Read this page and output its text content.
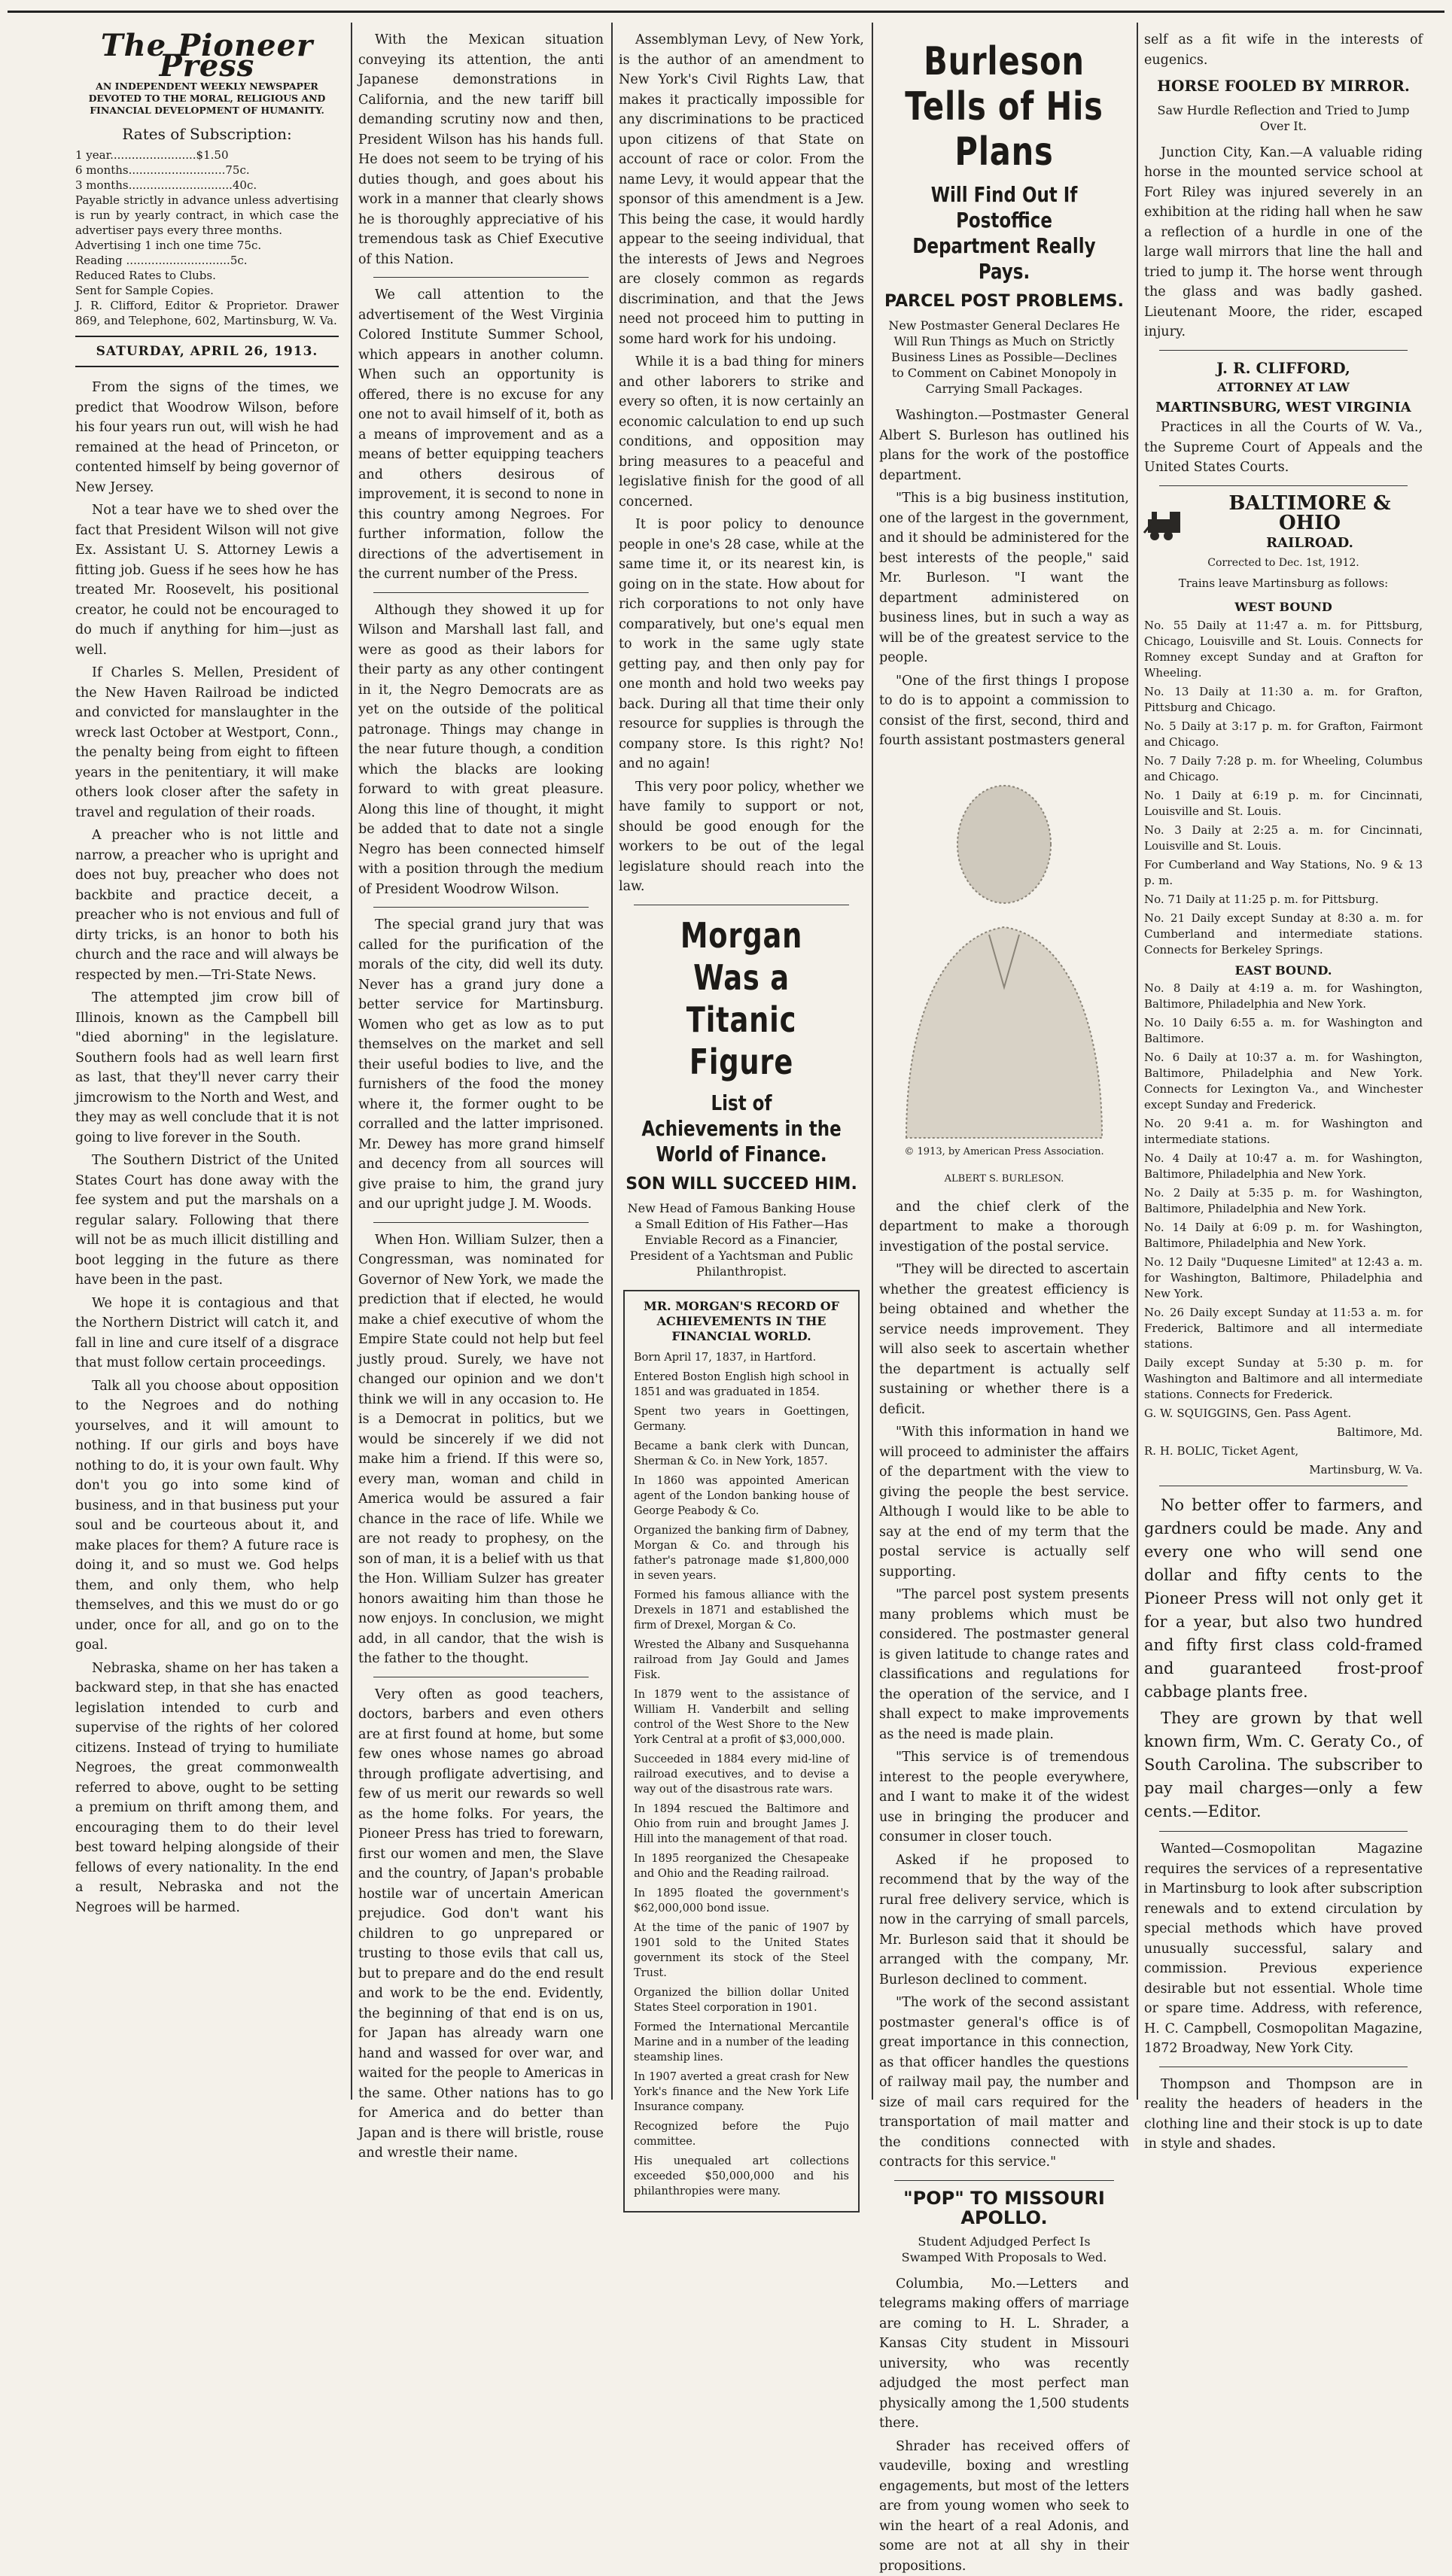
The Pioneer Press
AN INDEPENDENT WEEKLY NEWSPAPER DEVOTED TO THE MORAL, RELIGIOUS AND FINANCIAL DEVELOPMENT OF HUMANITY.
Rates of Subscription:
1 year........................$1.50
6 months...........................75c.
3 months.............................40c.
Payable strictly in advance unless advertising is run by yearly contract, in which case the advertiser pays every three months.
Advertising 1 inch one time 75c.
Reading .............................5c.
Reduced Rates to Clubs.
Sent for Sample Copies.
J. R. Clifford, Editor & Proprietor. Drawer 869, and Telephone, 602, Martinsburg, W. Va.
SATURDAY, APRIL 26, 1913.

From the signs of the times, we predict that Woodrow Wilson, before his four years run out, will wish he had remained at the head of Princeton, or contented himself by being governor of New Jersey.

Not a tear have we to shed over the fact that President Wilson will not give Ex. Assistant U. S. Attorney Lewis a fitting job. Guess if he sees how he has treated Mr. Roosevelt, his positional creator, he could not be encouraged to do much if anything for him—just as well.

If Charles S. Mellen, President of the New Haven Railroad be indicted and convicted for manslaughter in the wreck last October at Westport, Conn., the penalty being from eight to fifteen years in the penitentiary, it will make others look closer after the safety in travel and regulation of their roads.

A preacher who is not little and narrow, a preacher who is upright and does not buy, preacher who does not backbite and practice deceit, a preacher who is not envious and full of dirty tricks, is an honor to both his church and the race and will always be respected by men.—Tri-State News.

The attempted jim crow bill of Illinois, known as the Campbell bill "died aborning" in the legislature. Southern fools had as well learn first as last, that they'll never carry their jimcrowism to the North and West, and they may as well conclude that it is not going to live forever in the South.

The Southern District of the United States Court has done away with the fee system and put the marshals on a regular salary. Following that there will not be as much illicit distilling and boot legging in the future as there have been in the past.

We hope it is contagious and that the Northern District will catch it, and fall in line and cure itself of a disgrace that must follow certain proceedings.

Talk all you choose about opposition to the Negroes and do nothing yourselves, and it will amount to nothing. If our girls and boys have nothing to do, it is your own fault. Why don't you go into some kind of business, and in that business put your soul and be courteous about it, and make places for them? A future race is doing it, and so must we. God helps them, and only them, who help themselves, and this we must do or go under, once for all, and go on to the goal.

Nebraska, shame on her has taken a backward step, in that she has enacted legislation intended to curb and supervise of the rights of her colored citizens. Instead of trying to humiliate Negroes, the great commonwealth referred to above, ought to be setting a premium on thrift among them, and encouraging them to do their level best toward helping alongside of their fellows of every nationality. In the end a result, Nebraska and not the Negroes will be harmed.

With the Mexican situation conveying its attention, the anti Japanese demonstrations in California, and the new tariff bill demanding scrutiny now and then, President Wilson has his hands full. He does not seem to be trying of his duties though, and goes about his work in a manner that clearly shows he is thoroughly appreciative of his tremendous task as Chief Executive of this Nation.

We call attention to the advertisement of the West Virginia Colored Institute Summer School, which appears in another column. When such an opportunity is offered, there is no excuse for any one not to avail himself of it, both as a means of improvement and as a means of better equipping teachers and others desirous of improvement, it is second to none in this country among Negroes. For further information, follow the directions of the advertisement in the current number of the Press.

Although they showed it up for Wilson and Marshall last fall, and were as good as their labors for their party as any other contingent in it, the Negro Democrats are as yet on the outside of the political patronage. Things may change in the near future though, a condition which the blacks are looking forward to with great pleasure. Along this line of thought, it might be added that to date not a single Negro has been connected himself with a position through the medium of President Woodrow Wilson.

The special grand jury that was called for the purification of the morals of the city, did well its duty. Never has a grand jury done a better service for Martinsburg. Women who get as low as to put themselves on the market and sell their useful bodies to live, and the furnishers of the food the money where it, the former ought to be corralled and the latter imprisoned. Mr. Dewey has more grand himself and decency from all sources will give praise to him, the grand jury and our upright judge J. M. Woods.

When Hon. William Sulzer, then a Congressman, was nominated for Governor of New York, we made the prediction that if elected, he would make a chief executive of whom the Empire State could not help but feel justly proud. Surely, we have not changed our opinion and we don't think we will in any occasion to. He is a Democrat in politics, but we would be sincerely if we did not make him a friend. If this were so, every man, woman and child in America would be assured a fair chance in the race of life. While we are not ready to prophesy, on the son of man, it is a belief with us that the Hon. William Sulzer has greater honors awaiting him than those he now enjoys. In conclusion, we might add, in all candor, that the wish is the father to the thought.

Very often as good teachers, doctors, barbers and even others are at first found at home, but some few ones whose names go abroad through profligate advertising, and few of us merit our rewards so well as the home folks. For years, the Pioneer Press has tried to forewarn, first our women and men, the Slave and the country, of Japan's probable hostile war of uncertain American prejudice. God don't want his children to go unprepared or trusting to those evils that call us, but to prepare and do the end result and work to be the end. Evidently, the beginning of that end is on us, for Japan has already warn one hand and wassed for over war, and waited for the people to Americas in the same. Other nations has to go for America and do better than Japan and is there will bristle, rouse and wrestle their name.

Assemblyman Levy, of New York, is the author of an amendment to New York's Civil Rights Law, that makes it practically impossible for any discriminations to be practiced upon citizens of that State on account of race or color. From the name Levy, it would appear that the sponsor of this amendment is a Jew. This being the case, it would hardly appear to the seeing individual, that the interests of Jews and Negroes are closely common as regards discrimination, and that the Jews need not proceed him to putting in some hard work for his undoing.

While it is a bad thing for miners and other laborers to strike and every so often, it is now certainly an economic calculation to end up such conditions, and opposition may bring measures to a peaceful and legislative finish for the good of all concerned.

It is poor policy to denounce people in one's 28 case, while at the same time it, or its nearest kin, is going on in the state. How about for rich corporations to not only have comparatively, but one's equal men to work in the same ugly state getting pay, and then only pay for one month and hold two weeks pay back. During all that time their only resource for supplies is through the company store. Is this right? No! and no again!

This very poor policy, whether we have family to support or not, should be good enough for the workers to be out of the legal legislature should reach into the law.

Morgan Was a Titanic Figure
List of Achievements in the World of Finance.
SON WILL SUCCEED HIM.
New Head of Famous Banking House a Small Edition of His Father—Has Enviable Record as a Financier, President of a Yachtsman and Public Philanthropist.
MR. MORGAN'S RECORD OF ACHIEVEMENTS IN THE FINANCIAL WORLD.
Born April 17, 1837, in Hartford.
Entered Boston English high school in 1851 and was graduated in 1854.
Spent two years in Goettingen, Germany.
Became a bank clerk with Duncan, Sherman & Co. in New York, 1857.
In 1860 was appointed American agent of the London banking house of George Peabody & Co.
Organized the banking firm of Dabney, Morgan & Co. and through his father's patronage made $1,800,000 in seven years.
Formed his famous alliance with the Drexels in 1871 and established the firm of Drexel, Morgan & Co.
Wrested the Albany and Susquehanna railroad from Jay Gould and James Fisk.
In 1879 went to the assistance of William H. Vanderbilt and selling control of the West Shore to the New York Central at a profit of $3,000,000.
Succeeded in 1884 every mid-line of railroad executives, and to devise a way out of the disastrous rate wars.
In 1894 rescued the Baltimore and Ohio from ruin and brought James J. Hill into the management of that road.
In 1895 reorganized the Chesapeake and Ohio and the Reading railroad.
In 1895 floated the government's $62,000,000 bond issue.
At the time of the panic of 1907 by 1901 sold to the United States government its stock of the Steel Trust.
Organized the billion dollar United States Steel corporation in 1901.
Formed the International Mercantile Marine and in a number of the leading steamship lines.
In 1907 averted a great crash for New York's finance and the New York Life Insurance company.
Recognized before the Pujo committee.
His unequaled art collections exceeded $50,000,000 and his philanthropies were many.
Burleson Tells of His Plans
Will Find Out If Postoffice Department Really Pays.
PARCEL POST PROBLEMS.
New Postmaster General Declares He Will Run Things as Much on Strictly Business Lines as Possible—Declines to Comment on Cabinet Monopoly in Carrying Small Packages.

Washington.—Postmaster General Albert S. Burleson has outlined his plans for the work of the postoffice department.

"This is a big business institution, one of the largest in the government, and it should be administered for the best interests of the people," said Mr. Burleson. "I want the department administered on business lines, but in such a way as will be of the greatest service to the people.

"One of the first things I propose to do is to appoint a commission to consist of the first, second, third and fourth assistant postmasters general

© 1913, by American Press Association.
ALBERT S. BURLESON.

and the chief clerk of the department to make a thorough investigation of the postal service.

"They will be directed to ascertain whether the greatest efficiency is being obtained and whether the service needs improvement. They will also seek to ascertain whether the department is actually self sustaining or whether there is a deficit.

"With this information in hand we will proceed to administer the affairs of the department with the view to giving the people the best service. Although I would like to be able to say at the end of my term that the postal service is actually self supporting.

"The parcel post system presents many problems which must be considered. The postmaster general is given latitude to change rates and classifications and regulations for the operation of the service, and I shall expect to make improvements as the need is made plain.

"This service is of tremendous interest to the people everywhere, and I want to make it of the widest use in bringing the producer and consumer in closer touch.

Asked if he proposed to recommend that by the way of the rural free delivery service, which is now in the carrying of small parcels, Mr. Burleson said that it should be arranged with the company, Mr. Burleson declined to comment.

"The work of the second assistant postmaster general's office is of great importance in this connection, as that officer handles the questions of railway mail pay, the number and size of mail cars required for the transportation of mail matter and the conditions connected with contracts for this service."

"POP" TO MISSOURI APOLLO.
Student Adjudged Perfect Is Swamped With Proposals to Wed.

Columbia, Mo.—Letters and telegrams making offers of marriage are coming to H. L. Shrader, a Kansas City student in Missouri university, who was recently adjudged the most perfect man physically among the 1,500 students there.

Shrader has received offers of vaudeville, boxing and wrestling engagements, but most of the letters are from young women who seek to win the heart of a real Adonis, and some are not at all shy in their propositions.

self as a fit wife in the interests of eugenics.

HORSE FOOLED BY MIRROR.
Saw Hurdle Reflection and Tried to Jump Over It.

Junction City, Kan.—A valuable riding horse in the mounted service school at Fort Riley was injured severely in an exhibition at the riding hall when he saw a reflection of a hurdle in one of the large wall mirrors that line the hall and tried to jump it. The horse went through the glass and was badly gashed. Lieutenant Moore, the rider, escaped injury.

J. R. CLIFFORD,
ATTORNEY AT LAW
MARTINSBURG, WEST VIRGINIA

Practices in all the Courts of W. Va., the Supreme Court of Appeals and the United States Courts.

BALTIMORE & OHIO
RAILROAD.
Corrected to Dec. 1st, 1912.
Trains leave Martinsburg as follows:
WEST BOUND
No. 55 Daily at 11:47 a. m. for Pittsburg, Chicago, Louisville and St. Louis. Connects for Romney except Sunday and at Grafton for Wheeling.
No. 13 Daily at 11:30 a. m. for Grafton, Pittsburg and Chicago.
No. 5 Daily at 3:17 p. m. for Grafton, Fairmont and Chicago.
No. 7 Daily 7:28 p. m. for Wheeling, Columbus and Chicago.
No. 1 Daily at 6:19 p. m. for Cincinnati, Louisville and St. Louis.
No. 3 Daily at 2:25 a. m. for Cincinnati, Louisville and St. Louis.
For Cumberland and Way Stations, No. 9 & 13 p. m.
No. 71 Daily at 11:25 p. m. for Pittsburg.
No. 21 Daily except Sunday at 8:30 a. m. for Cumberland and intermediate stations. Connects for Berkeley Springs.
EAST BOUND.
No. 8 Daily at 4:19 a. m. for Washington, Baltimore, Philadelphia and New York.
No. 10 Daily 6:55 a. m. for Washington and Baltimore.
No. 6 Daily at 10:37 a. m. for Washington, Baltimore, Philadelphia and New York. Connects for Lexington Va., and Winchester except Sunday and Frederick.
No. 20 9:41 a. m. for Washington and intermediate stations.
No. 4 Daily at 10:47 a. m. for Washington, Baltimore, Philadelphia and New York.
No. 2 Daily at 5:35 p. m. for Washington, Baltimore, Philadelphia and New York.
No. 14 Daily at 6:09 p. m. for Washington, Baltimore, Philadelphia and New York.
No. 12 Daily "Duquesne Limited" at 12:43 a. m. for Washington, Baltimore, Philadelphia and New York.
No. 26 Daily except Sunday at 11:53 a. m. for Frederick, Baltimore and all intermediate stations.
Daily except Sunday at 5:30 p. m. for Washington and Baltimore and all intermediate stations. Connects for Frederick.
G. W. SQUIGGINS, Gen. Pass Agent.
Baltimore, Md.
R. H. BOLIC, Ticket Agent,
Martinsburg, W. Va.

No better offer to farmers, and gardners could be made. Any and every one who will send one dollar and fifty cents to the Pioneer Press will not only get it for a year, but also two hundred and fifty first class cold-framed and guaranteed frost-proof cabbage plants free.

They are grown by that well known firm, Wm. C. Geraty Co., of South Carolina. The subscriber to pay mail charges—only a few cents.—Editor.

Wanted—Cosmopolitan Magazine requires the services of a representative in Martinsburg to look after subscription renewals and to extend circulation by special methods which have proved unusually successful, salary and commission. Previous experience desirable but not essential. Whole time or spare time. Address, with reference, H. C. Campbell, Cosmopolitan Magazine, 1872 Broadway, New York City.

Thompson and Thompson are in reality the headers of headers in the clothing line and their stock is up to date in style and shades.
